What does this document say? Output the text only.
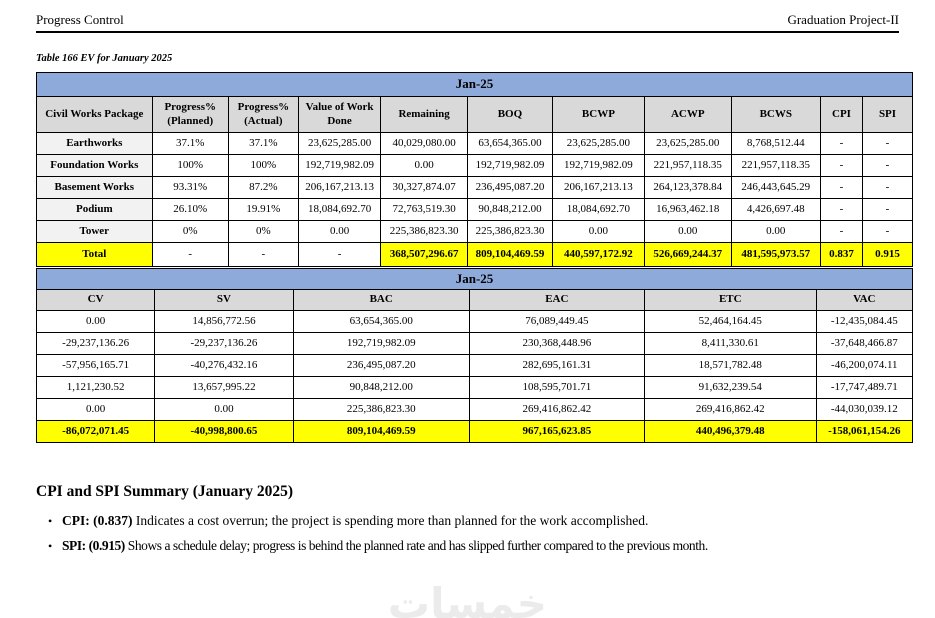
Progress Control	Graduation Project-II
Table 166 EV for January 2025
Jan-25										
Civil Works Package	Progress% (Planned)	Progress% (Actual)	Value of Work Done	Remaining	BOQ	BCWP	ACWP	BCWS	CPI	SPI
Earthworks	37.1%	37.1%	23,625,285.00	40,029,080.00	63,654,365.00	23,625,285.00	23,625,285.00	8,768,512.44	-	-
Foundation Works	100%	100%	192,719,982.09	0.00	192,719,982.09	192,719,982.09	221,957,118.35	221,957,118.35	-	-
Basement Works	93.31%	87.2%	206,167,213.13	30,327,874.07	236,495,087.20	206,167,213.13	264,123,378.84	246,443,645.29	-	-
Podium	26.10%	19.91%	18,084,692.70	72,763,519.30	90,848,212.00	18,084,692.70	16,963,462.18	4,426,697.48	-	-
Tower	0%	0%	0.00	225,386,823.30	225,386,823.30	0.00	0.00	0.00	-	-
Total	-	-	-	368,507,296.67	809,104,469.59	440,597,172.92	526,669,244.37	481,595,973.57	0.837	0.915
Jan-25					
CV	SV	BAC	EAC	ETC	VAC
0.00	14,856,772.56	63,654,365.00	76,089,449.45	52,464,164.45	-12,435,084.45
-29,237,136.26	-29,237,136.26	192,719,982.09	230,368,448.96	8,411,330.61	-37,648,466.87
-57,956,165.71	-40,276,432.16	236,495,087.20	282,695,161.31	18,571,782.48	-46,200,074.11
1,121,230.52	13,657,995.22	90,848,212.00	108,595,701.71	91,632,239.54	-17,747,489.71
0.00	0.00	225,386,823.30	269,416,862.42	269,416,862.42	-44,030,039.12
-86,072,071.45	-40,998,800.65	809,104,469.59	967,165,623.85	440,496,379.48	-158,061,154.26
CPI and SPI Summary (January 2025)
• CPI: (0.837) Indicates a cost overrun; the project is spending more than planned for the work accomplished.
• SPI: (0.915) Shows a schedule delay; progress is behind the planned rate and has slipped further compared to the previous month.
خمسات
